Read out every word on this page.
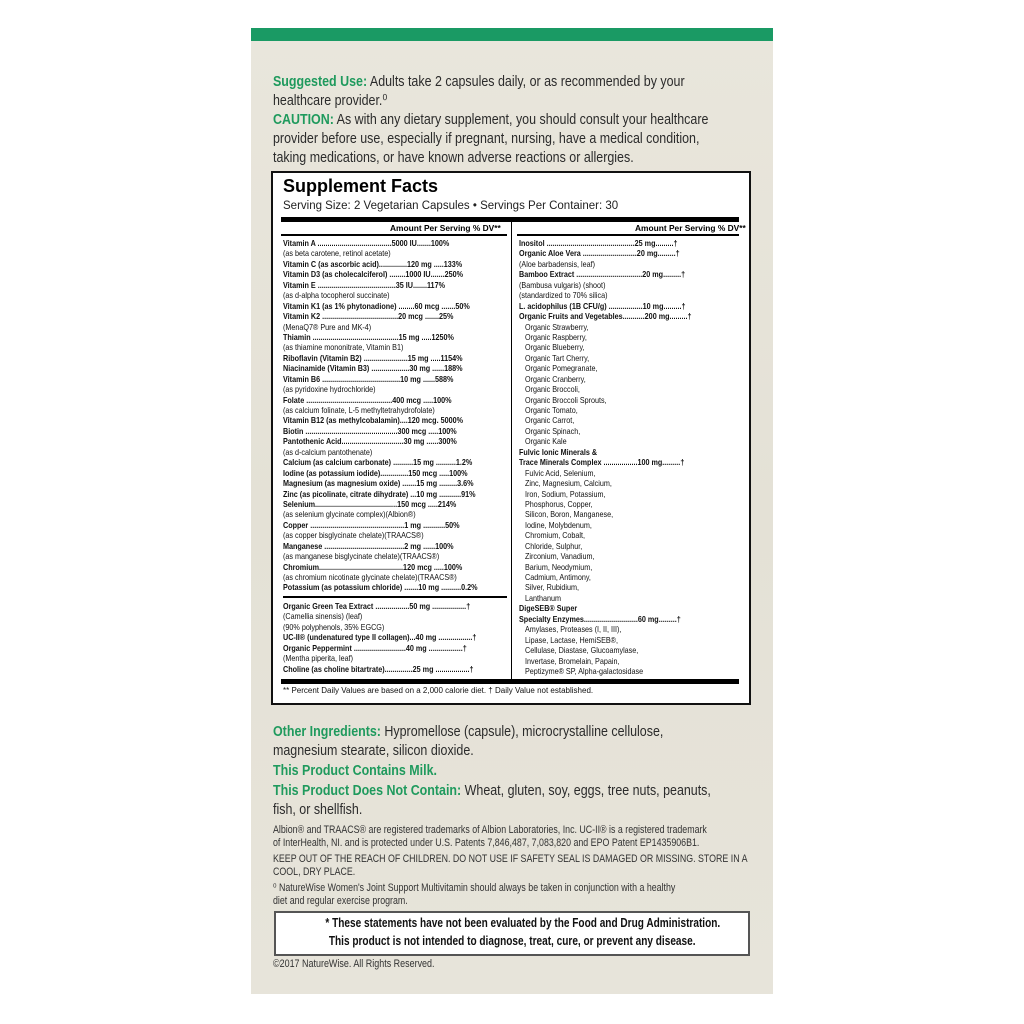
Suggested Use: Adults take 2 capsules daily, or as recommended by your
healthcare provider.⁰
CAUTION: As with any dietary supplement, you should consult your healthcare
provider before use, especially if pregnant, nursing, have a medical condition,
taking medications, or have known adverse reactions or allergies.
Supplement Facts
Serving Size: 2 Vegetarian Capsules • Servings Per Container: 30
Amount Per Serving % DV**	Amount Per Serving % DV**
Vitamin A .....................................5000 IU.......100%
(as beta carotene, retinol acetate)
Vitamin C (as ascorbic acid)..............120 mg .....133%
Vitamin D3 (as cholecalciferol) ........1000 IU.......250%
Vitamin E .......................................35 IU.......117%
(as d-alpha tocopherol succinate)
Vitamin K1 (as 1% phytonadione) ........60 mcg .......50%
Vitamin K2 ......................................20 mcg .......25%
(MenaQ7® Pure and MK-4)
Thiamin ...........................................15 mg .....1250%
(as thiamine mononitrate, Vitamin B1)
Riboflavin (Vitamin B2) ......................15 mg .....1154%
Niacinamide (Vitamin B3) ...................30 mg ......188%
Vitamin B6 .......................................10 mg ......588%
(as pyridoxine hydrochloride)
Folate ...........................................400 mcg .....100%
(as calcium folinate, L-5 methyltetrahydrofolate)
Vitamin B12 (as methylcobalamin)....120 mcg. 5000%
Biotin ..............................................300 mcg .....100%
Pantothenic Acid...............................30 mg ......300%
(as d-calcium pantothenate)
Calcium (as calcium carbonate) ..........15 mg ..........1.2%
Iodine (as potassium iodide)..............150 mcg .....100%
Magnesium (as magnesium oxide) .......15 mg .........3.6%
Zinc (as picolinate, citrate dihydrate) ...10 mg ...........91%
Selenium.........................................150 mcg .....214%
(as selenium glycinate complex)(Albion®)
Copper ...............................................1 mg ...........50%
(as copper bisglycinate chelate)(TRAACS®)
Manganese ........................................2 mg ......100%
(as manganese bisglycinate chelate)(TRAACS®)
Chromium..........................................120 mcg .....100%
(as chromium nicotinate glycinate chelate)(TRAACS®)
Potassium (as potassium chloride) .......10 mg ..........0.2%
Organic Green Tea Extract .................50 mg .................†
(Camellia sinensis) (leaf)
(90% polyphenols, 35% EGCG)
UC-II® (undenatured type II collagen)...40 mg .................†
Organic Peppermint ..........................40 mg .................†
(Mentha piperita, leaf)
Choline (as choline bitartrate)..............25 mg .................†
Inositol ............................................25 mg.........†
Organic Aloe Vera ...........................20 mg.........†
(Aloe barbadensis, leaf)
Bamboo Extract .................................20 mg.........†
(Bambusa vulgaris) (shoot)
(standardized to 70% silica)
L. acidophilus (1B CFU/g) .................10 mg.........†
Organic Fruits and Vegetables...........200 mg.........†
Organic Strawberry,
Organic Raspberry,
Organic Blueberry,
Organic Tart Cherry,
Organic Pomegranate,
Organic Cranberry,
Organic Broccoli,
Organic Broccoli Sprouts,
Organic Tomato,
Organic Carrot,
Organic Spinach,
Organic Kale
Fulvic Ionic Minerals &
Trace Minerals Complex .................100 mg.........†
Fulvic Acid, Selenium,
Zinc, Magnesium, Calcium,
Iron, Sodium, Potassium,
Phosphorus, Copper,
Silicon, Boron, Manganese,
Iodine, Molybdenum,
Chromium, Cobalt,
Chloride, Sulphur,
Zirconium, Vanadium,
Barium, Neodymium,
Cadmium, Antimony,
Silver, Rubidium,
Lanthanum
DigeSEB® Super
Specialty Enzymes...........................60 mg.........†
Amylases, Proteases (I, II, III),
Lipase, Lactase, HemiSEB®,
Cellulase, Diastase, Glucoamylase,
Invertase, Bromelain, Papain,
Peptizyme® SP, Alpha-galactosidase
** Percent Daily Values are based on a 2,000 calorie diet. † Daily Value not established.
Other Ingredients: Hypromellose (capsule), microcrystalline cellulose,
magnesium stearate, silicon dioxide.
This Product Contains Milk.
This Product Does Not Contain: Wheat, gluten, soy, eggs, tree nuts, peanuts,
fish, or shellfish.
Albion® and TRAACS® are registered trademarks of Albion Laboratories, Inc. UC-II® is a registered trademark
of InterHealth, NI. and is protected under U.S. Patents 7,846,487, 7,083,820 and EPO Patent EP1435906B1.
KEEP OUT OF THE REACH OF CHILDREN. DO NOT USE IF SAFETY SEAL IS DAMAGED OR MISSING. STORE IN A
COOL, DRY PLACE.
⁰ NatureWise Women's Joint Support Multivitamin should always be taken in conjunction with a healthy
diet and regular exercise program.
* These statements have not been evaluated by the Food and Drug Administration.
This product is not intended to diagnose, treat, cure, or prevent any disease.
©2017 NatureWise. All Rights Reserved.
